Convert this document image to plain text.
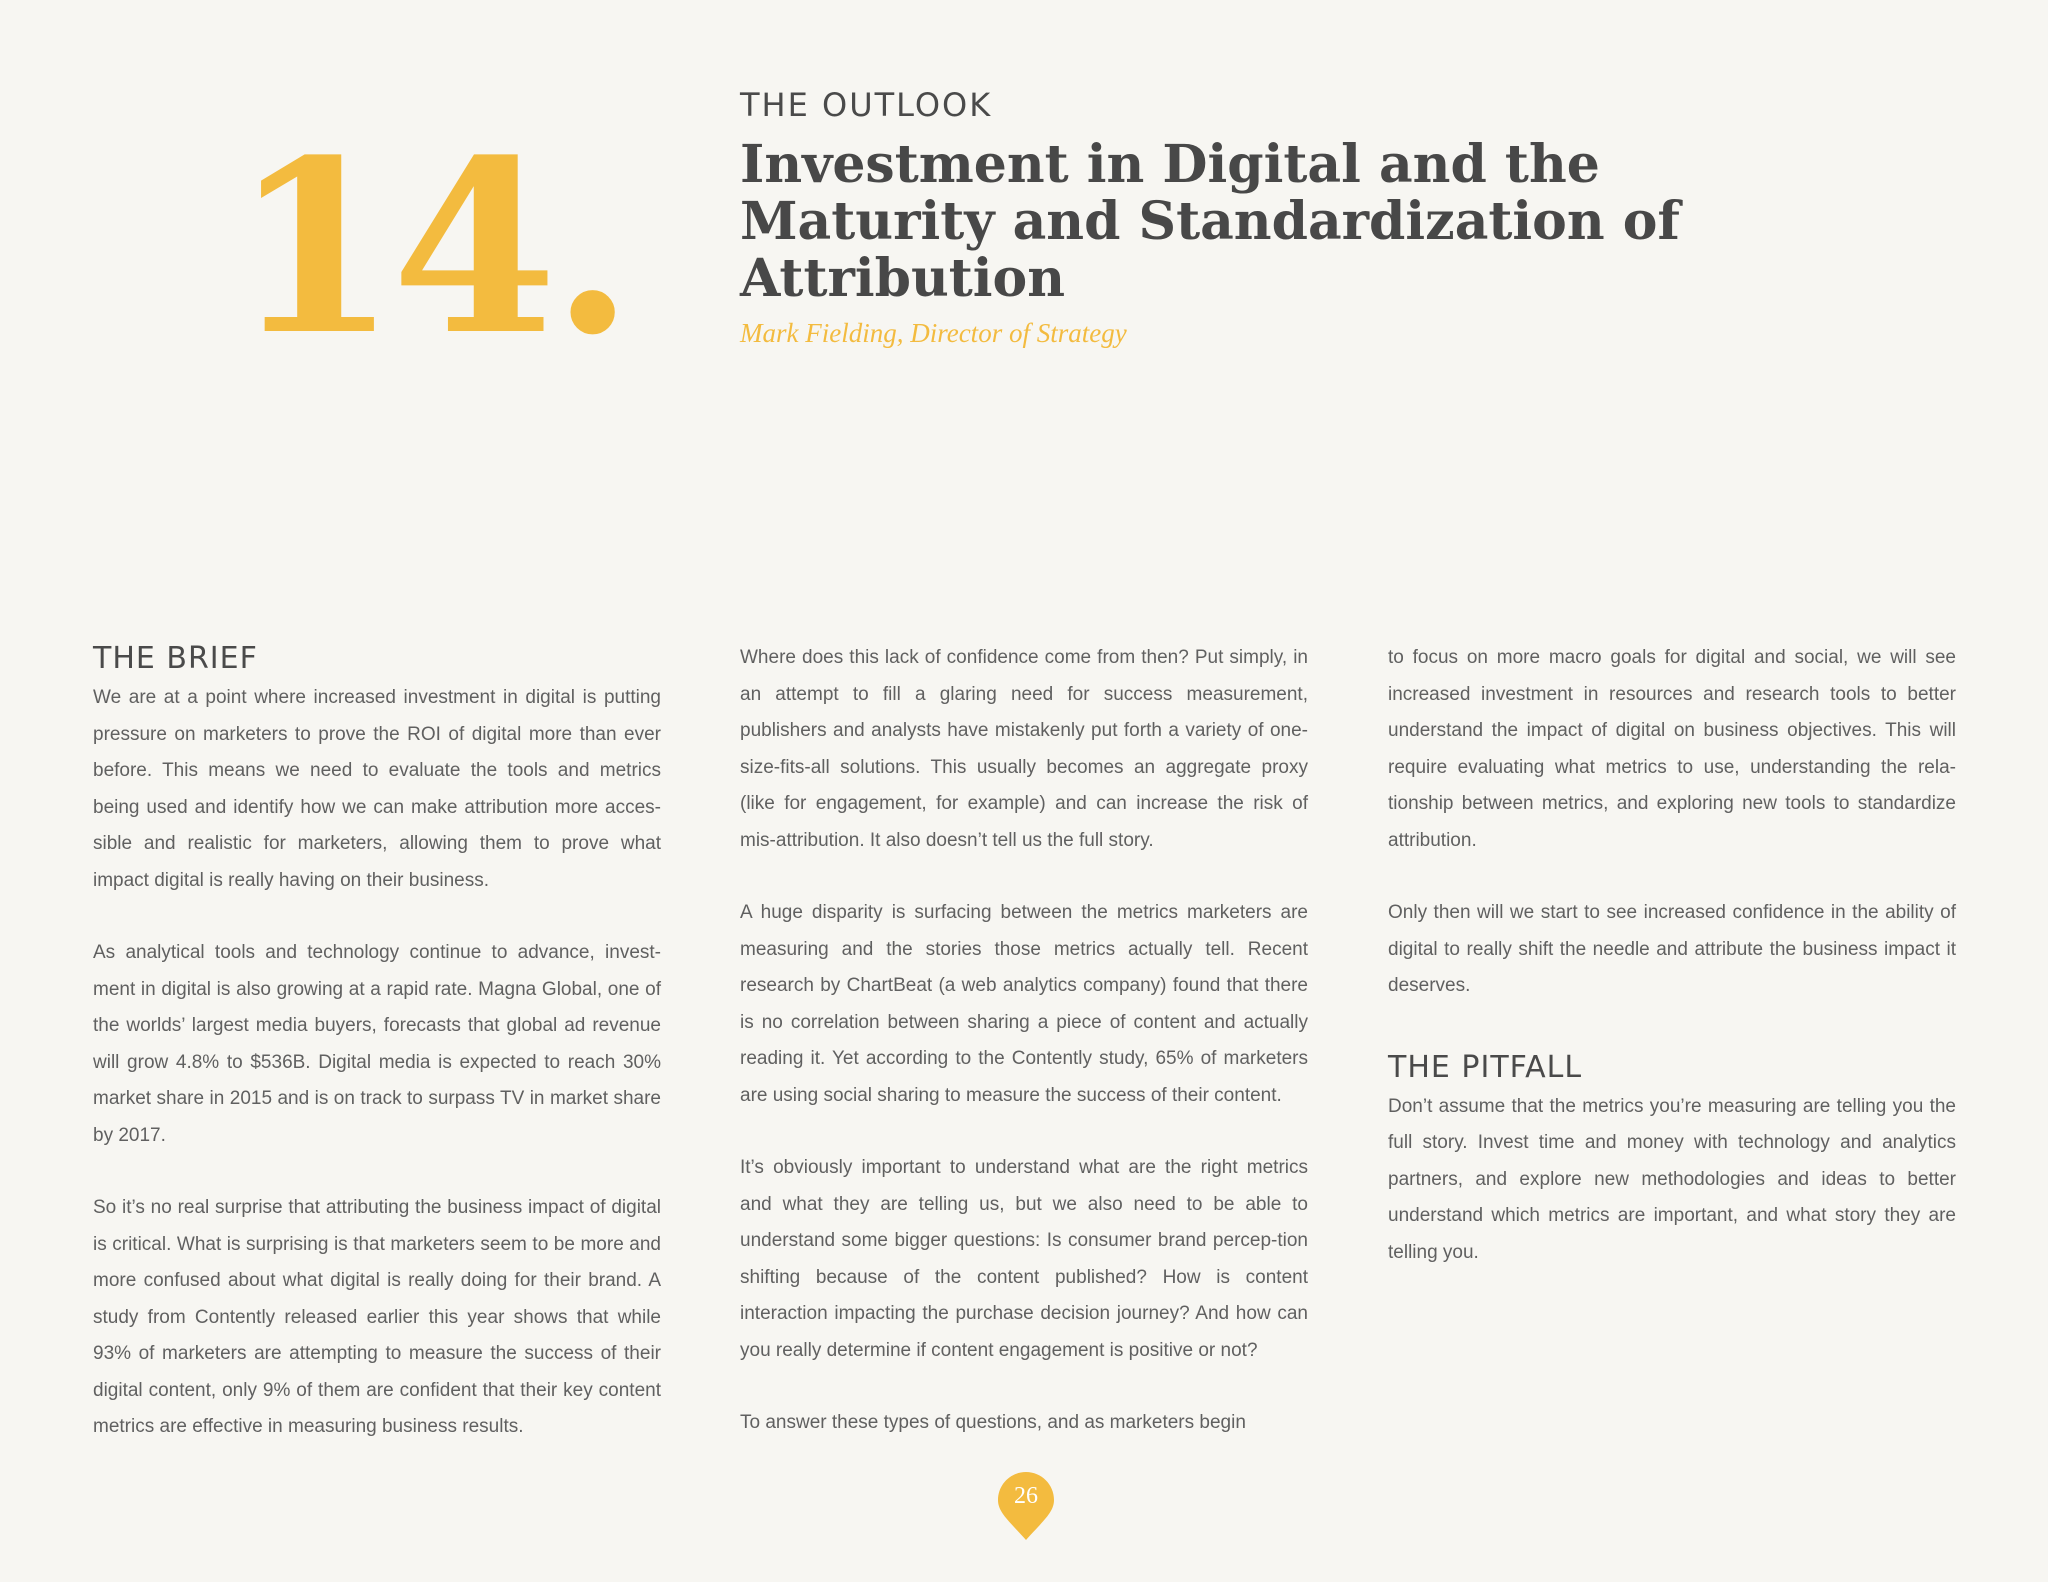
14.
THE OUTLOOK
Investment in Digital and the Maturity and Standardization of Attribution
Mark Fielding, Director of Strategy
THE BRIEF

We are at a point where increased investment in digital is putting pressure on marketers to prove the ROI of digital more than ever before. This means we need to evaluate the tools and metrics being used and identify how we can make attribution more acces-sible and realistic for marketers, allowing them to prove what impact digital is really having on their business.

As analytical tools and technology continue to advance, invest-ment in digital is also growing at a rapid rate. Magna Global, one of the worlds’ largest media buyers, forecasts that global ad revenue will grow 4.8% to $536B. Digital media is expected to reach 30% market share in 2015 and is on track to surpass TV in market share by 2017.

So it’s no real surprise that attributing the business impact of digital is critical. What is surprising is that marketers seem to be more and more confused about what digital is really doing for their brand. A study from Contently released earlier this year shows that while 93% of marketers are attempting to measure the success of their digital content, only 9% of them are confident that their key content metrics are effective in measuring business results.

Where does this lack of confidence come from then? Put simply, in an attempt to fill a glaring need for success measurement, publishers and analysts have mistakenly put forth a variety of one-size-fits-all solutions. This usually becomes an aggregate proxy (like for engagement, for example) and can increase the risk of mis-attribution. It also doesn’t tell us the full story.

A huge disparity is surfacing between the metrics marketers are measuring and the stories those metrics actually tell. Recent research by ChartBeat (a web analytics company) found that there is no correlation between sharing a piece of content and actually reading it. Yet according to the Contently study, 65% of marketers are using social sharing to measure the success of their content.

It’s obviously important to understand what are the right metrics and what they are telling us, but we also need to be able to understand some bigger questions: Is consumer brand percep-tion shifting because of the content published? How is content interaction impacting the purchase decision journey? And how can you really determine if content engagement is positive or not?

To answer these types of questions, and as marketers begin

to focus on more macro goals for digital and social, we will see increased investment in resources and research tools to better understand the impact of digital on business objectives. This will require evaluating what metrics to use, understanding the rela-tionship between metrics, and exploring new tools to standardize attribution.

Only then will we start to see increased confidence in the ability of digital to really shift the needle and attribute the business impact it deserves.

THE PITFALL

Don’t assume that the metrics you’re measuring are telling you the full story. Invest time and money with technology and analytics partners, and explore new methodologies and ideas to better understand which metrics are important, and what story they are telling you.

26
